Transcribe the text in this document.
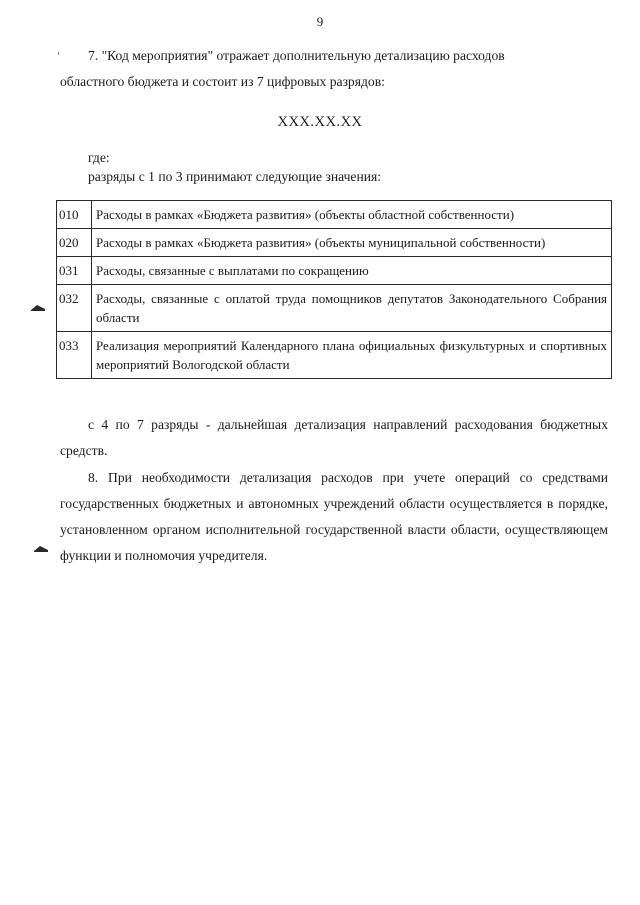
9
ʼ	7. "Код мероприятия" отражает дополнительную детализацию расходов
областного бюджета и состоит из 7 цифровых разрядов:
XXX.XX.XX
где:
разряды с 1 по 3 принимают следующие значения:
010	Расходы в рамках «Бюджета развития» (объекты областной собственности)
020	Расходы в рамках «Бюджета развития» (объекты муниципальной собственности)
031	Расходы, связанные с выплатами по сокращению
032	Расходы, связанные с оплатой труда помощников депутатов Законодательного Собрания области
033	Реализация мероприятий Календарного плана официальных физкультурных и спортивных мероприятий Вологодской области
с 4 по 7 разряды - дальнейшая детализация направлений расходования бюджетных средств.
8. При необходимости детализация расходов при учете операций со средствами государственных бюджетных и автономных учреждений области осуществляется в порядке, установленном органом исполнительной государственной власти области, осуществляющем функции и полномочия учредителя.
